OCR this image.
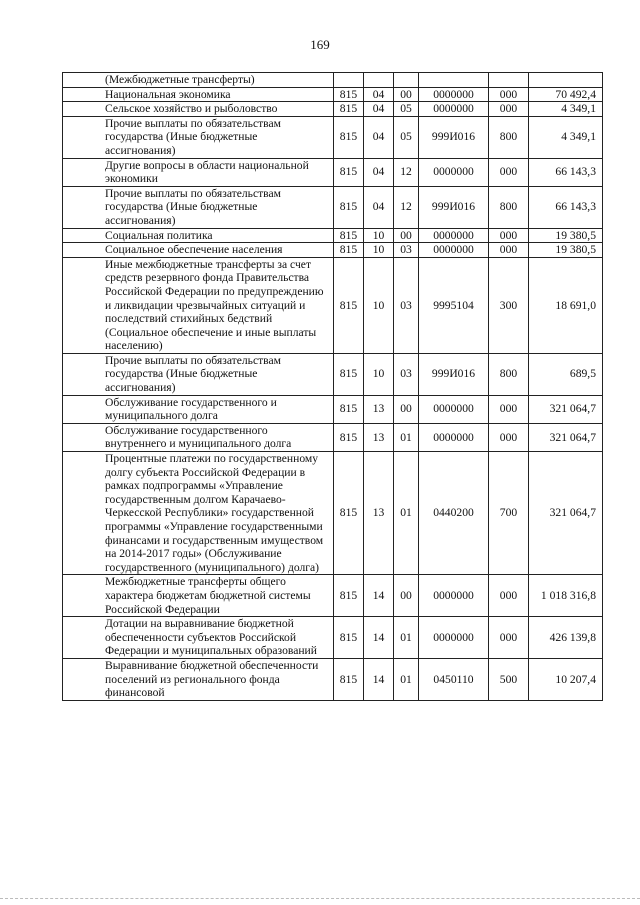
169
(Межбюджетные трансферты)						
Национальная экономика	815	04	00	0000000	000	70 492,4
Сельское хозяйство и рыболовство	815	04	05	0000000	000	4 349,1
Прочие выплаты по обязательствам государства (Иные бюджетные ассигнования)	815	04	05	999И016	800	4 349,1
Другие вопросы в области национальной экономики	815	04	12	0000000	000	66 143,3
Прочие выплаты по обязательствам государства (Иные бюджетные ассигнования)	815	04	12	999И016	800	66 143,3
Социальная политика	815	10	00	0000000	000	19 380,5
Социальное обеспечение населения	815	10	03	0000000	000	19 380,5
Иные межбюджетные трансферты за счет средств резервного фонда Правительства Российской Федерации по предупреждению и ликвидации чрезвычайных ситуаций и последствий стихийных бедствий (Социальное обеспечение и иные выплаты населению)	815	10	03	9995104	300	18 691,0
Прочие выплаты по обязательствам государства (Иные бюджетные ассигнования)	815	10	03	999И016	800	689,5
Обслуживание государственного и муниципального долга	815	13	00	0000000	000	321 064,7
Обслуживание государственного внутреннего и муниципального долга	815	13	01	0000000	000	321 064,7
Процентные платежи по государственному долгу субъекта Российской Федерации в рамках подпрограммы «Управление государственным долгом Карачаево-Черкесской Республики» государственной программы «Управление государственными финансами и государственным имуществом на 2014-2017 годы» (Обслуживание государственного (муниципального) долга)	815	13	01	0440200	700	321 064,7
Межбюджетные трансферты общего характера бюджетам бюджетной системы Российской Федерации	815	14	00	0000000	000	1 018 316,8
Дотации на выравнивание бюджетной обеспеченности субъектов Российской Федерации и муниципальных образований	815	14	01	0000000	000	426 139,8
Выравнивание бюджетной обеспеченности поселений из регионального фонда финансовой	815	14	01	0450110	500	10 207,4
